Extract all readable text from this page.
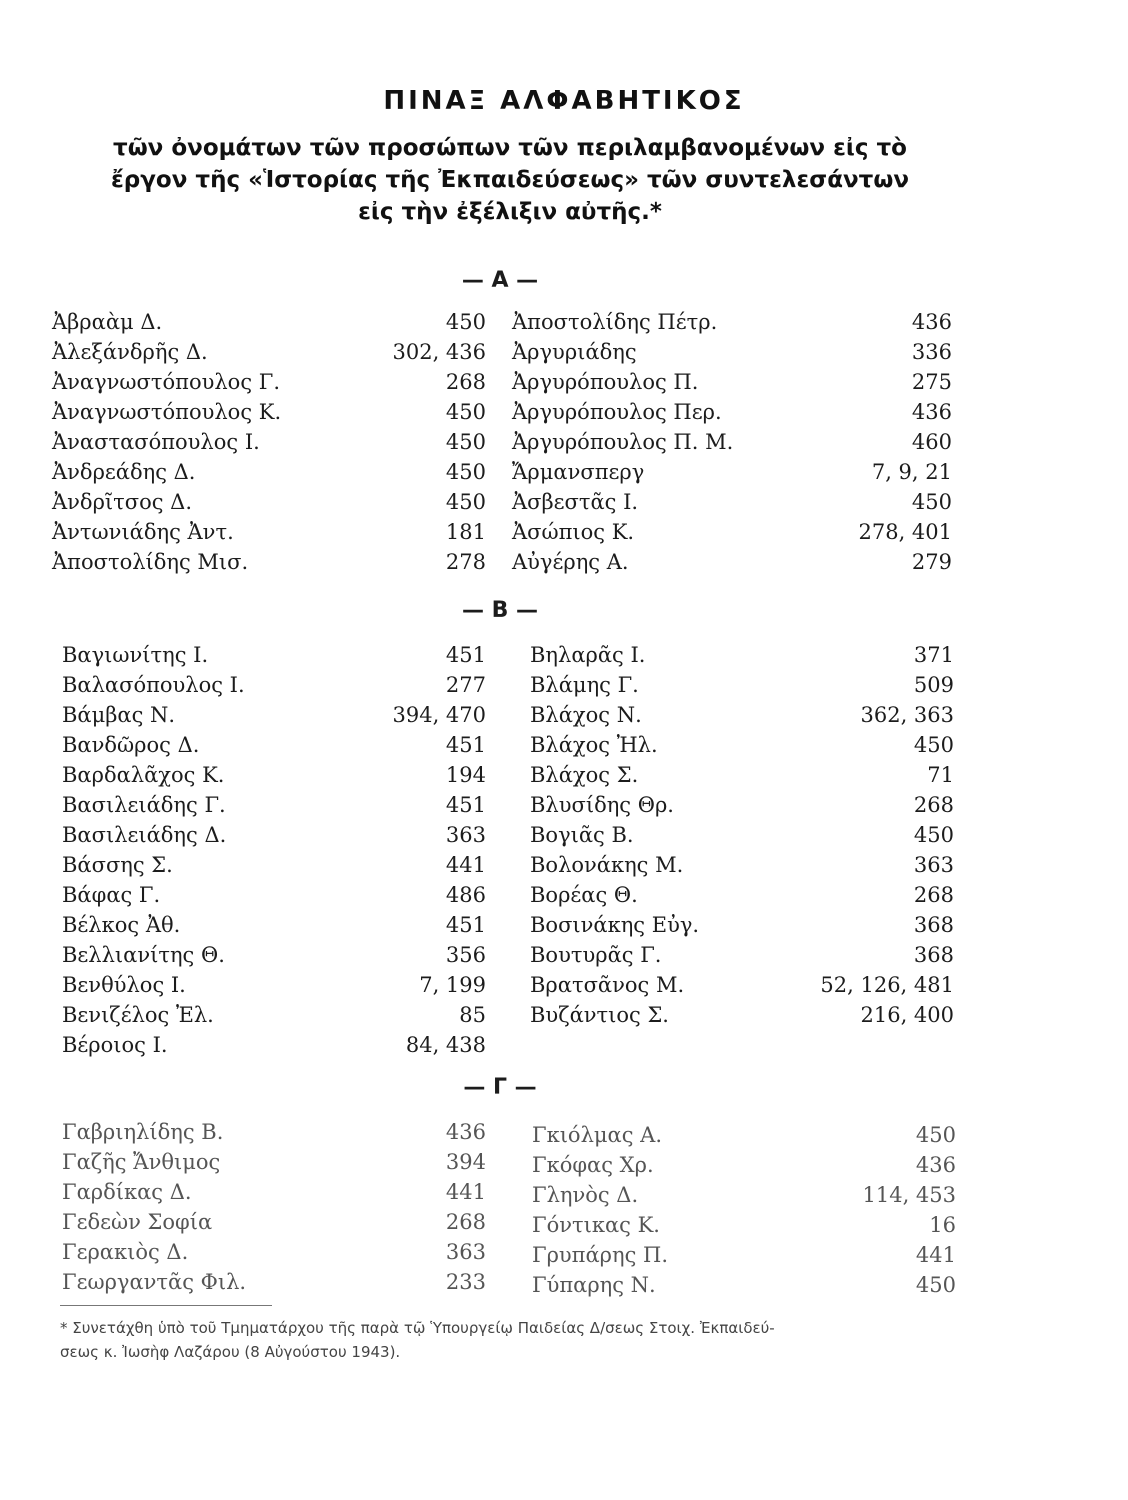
ΠΙΝΑΞ ΑΛΦΑΒΗΤΙΚΟΣ
τῶν ὀνομάτων τῶν προσώπων τῶν περιλαμβανομένων εἰς τὸ
ἔργον τῆς «Ἱστορίας τῆς Ἐκπαιδεύσεως» τῶν συντελεσάντων
εἰς τὴν ἐξέλιξιν αὐτῆς.*
— Α —
Ἀβραὰμ Δ.	450
Ἀλεξάνδρῆς Δ.	302, 436
Ἀναγνωστόπουλος Γ.	268
Ἀναγνωστόπουλος Κ.	450
Ἀναστασόπουλος Ι.	450
Ἀνδρεάδης Δ.	450
Ἀνδρῖτσος Δ.	450
Ἀντωνιάδης Ἀντ.	181
Ἀποστολίδης Μισ.	278
Ἀποστολίδης Πέτρ.	436
Ἀργυριάδης	336
Ἀργυρόπουλος Π.	275
Ἀργυρόπουλος Περ.	436
Ἀργυρόπουλος Π. Μ.	460
Ἄρμανσπεργ	7, 9, 21
Ἀσβεστᾶς Ι.	450
Ἀσώπιος Κ.	278, 401
Αὐγέρης Α.	279
— Β —
Βαγιωνίτης Ι.	451
Βαλασόπουλος Ι.	277
Βάμβας Ν.	394, 470
Βανδῶρος Δ.	451
Βαρδαλᾶχος Κ.	194
Βασιλειάδης Γ.	451
Βασιλειάδης Δ.	363
Βάσσης Σ.	441
Βάφας Γ.	486
Βέλκος Ἀθ.	451
Βελλιανίτης Θ.	356
Βενθύλος Ι.	7, 199
Βενιζέλος Ἐλ.	85
Βέροιος Ι.	84, 438
Βηλαρᾶς Ι.	371
Βλάμης Γ.	509
Βλάχος Ν.	362, 363
Βλάχος Ἠλ.	450
Βλάχος Σ.	71
Βλυσίδης Θρ.	268
Βογιᾶς Β.	450
Βολονάκης Μ.	363
Βορέας Θ.	268
Βοσινάκης Εὐγ.	368
Βουτυρᾶς Γ.	368
Βρατσᾶνος Μ.	52, 126, 481
Βυζάντιος Σ.	216, 400
— Γ —
Γαβριηλίδης Β.	436
Γαζῆς Ἄνθιμος	394
Γαρδίκας Δ.	441
Γεδεὼν Σοφία	268
Γερακιὸς Δ.	363
Γεωργαντᾶς Φιλ.	233
Γκιόλμας Α.	450
Γκόφας Χρ.	436
Γληνὸς Δ.	114, 453
Γόντικας Κ.	16
Γρυπάρης Π.	441
Γύπαρης Ν.	450
* Συνετάχθη ὑπὸ τοῦ Τμηματάρχου τῆς παρὰ τῷ Ὑπουργείῳ Παιδείας Δ/σεως Στοιχ. Ἐκπαιδεύ-
σεως κ. Ἰωσὴφ Λαζάρου (8 Αὐγούστου 1943).
